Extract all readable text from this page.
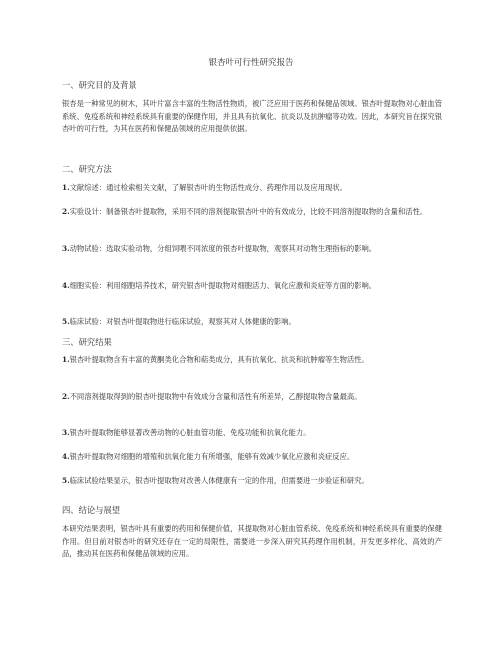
银杏叶可行性研究报告
一、研究目的及背景

银杏是一种常见的树木，其叶片富含丰富的生物活性物质，被广泛应用于医药和保健品领域。银杏叶提取物对心脏血管系统、免疫系统和神经系统具有重要的保健作用，并且具有抗氧化、抗炎以及抗肿瘤等功效。因此，本研究旨在探究银杏叶的可行性，为其在医药和保健品领域的应用提供依据。

二、研究方法

1.文献综述：通过检索相关文献，了解银杏叶的生物活性成分、药理作用以及应用现状。

2.实验设计：制备银杏叶提取物，采用不同的溶剂提取银杏叶中的有效成分，比较不同溶剂提取物的含量和活性。

3.动物试验：选取实验动物，分组饲喂不同浓度的银杏叶提取物，观察其对动物生理指标的影响。

4.细胞实验：利用细胞培养技术，研究银杏叶提取物对细胞活力、氧化应激和炎症等方面的影响。

5.临床试验：对银杏叶提取物进行临床试验，观察其对人体健康的影响。

三、研究结果

1.银杏叶提取物含有丰富的黄酮类化合物和萜类成分，具有抗氧化、抗炎和抗肿瘤等生物活性。

2.不同溶剂提取得到的银杏叶提取物中有效成分含量和活性有所差异，乙醇提取物含量最高。

3.银杏叶提取物能够显著改善动物的心脏血管功能、免疫功能和抗氧化能力。

4.银杏叶提取物对细胞的增殖和抗氧化能力有所增强，能够有效减少氧化应激和炎症反应。

5.临床试验结果显示，银杏叶提取物对改善人体健康有一定的作用，但需要进一步验证和研究。

四、结论与展望

本研究结果表明，银杏叶具有重要的药用和保健价值，其提取物对心脏血管系统、免疫系统和神经系统具有重要的保健作用。但目前对银杏叶的研究还存在一定的局限性，需要进一步深入研究其药理作用机制，开发更多样化、高效的产品，推动其在医药和保健品领域的应用。
